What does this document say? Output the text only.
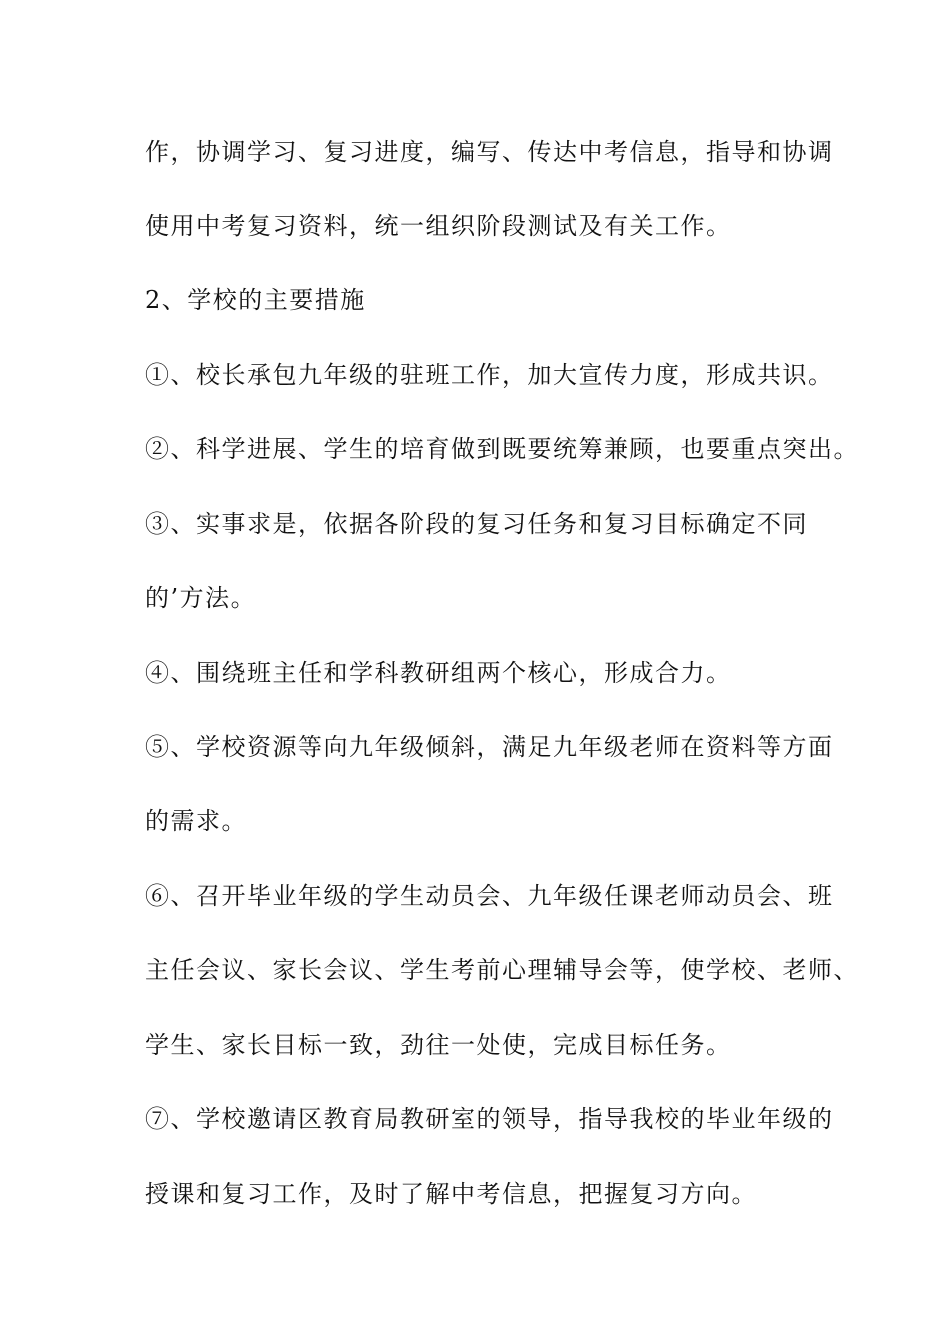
作，协调学习、复习进度，编写、传达中考信息，指导和协调
使用中考复习资料，统一组织阶段测试及有关工作。
2、学校的主要措施
①、校长承包九年级的驻班工作，加大宣传力度，形成共识。
②、科学进展、学生的培育做到既要统筹兼顾，也要重点突出。
③、实事求是，依据各阶段的复习任务和复习目标确定不同
的’方法。
④、围绕班主任和学科教研组两个核心，形成合力。
⑤、学校资源等向九年级倾斜，满足九年级老师在资料等方面
的需求。
⑥、召开毕业年级的学生动员会、九年级任课老师动员会、班
主任会议、家长会议、学生考前心理辅导会等，使学校、老师、
学生、家长目标一致，劲往一处使，完成目标任务。
⑦、学校邀请区教育局教研室的领导，指导我校的毕业年级的
授课和复习工作，及时了解中考信息，把握复习方向。
